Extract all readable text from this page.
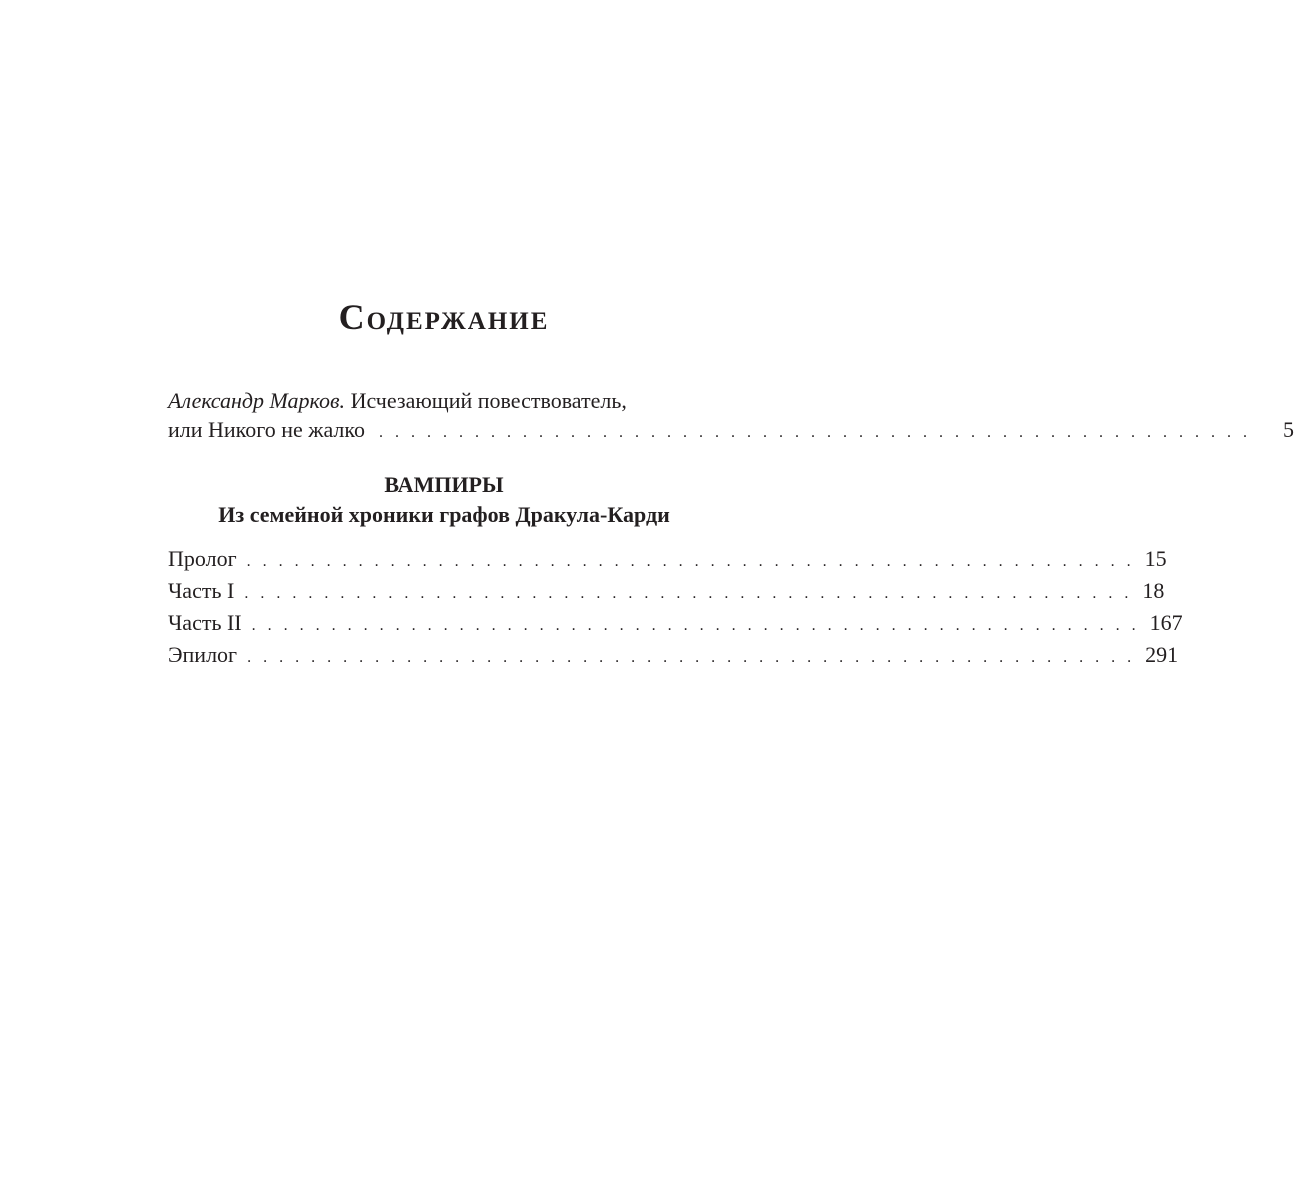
Содержание
Александр Марков. Исчезающий повествователь,
или Никого не жалко . . . . . . . . . . . . . . . . . . . . . . . . . . . . . . . . . . . . . . . . . . . . . . . . . . . . . . . 5
ВАМПИРЫ
Из семейной хроники графов Дракула-Карди
Пролог . . . . . . . . . . . . . . . . . . . . . . . . . . . . . . . . . . . . . . . . . . . . . . . . . . . . . . . . 15
Часть I . . . . . . . . . . . . . . . . . . . . . . . . . . . . . . . . . . . . . . . . . . . . . . . . . . . . . . . . 18
Часть II . . . . . . . . . . . . . . . . . . . . . . . . . . . . . . . . . . . . . . . . . . . . . . . . . . . . . . . . 167
Эпилог . . . . . . . . . . . . . . . . . . . . . . . . . . . . . . . . . . . . . . . . . . . . . . . . . . . . . . . . 291
